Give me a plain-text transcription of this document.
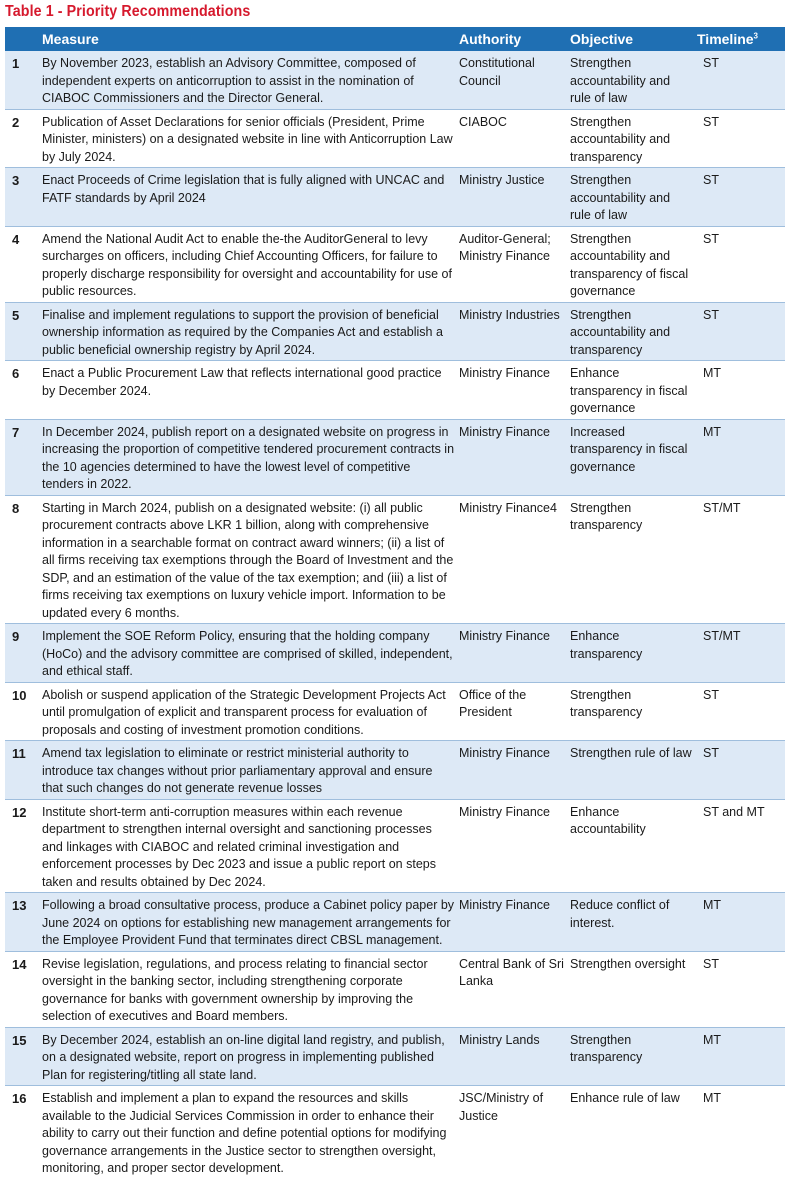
Table 1 - Priority Recommendations
	Measure	Authority	Objective	Timeline$^3$
1	By November 2023, establish an Advisory Committee, composed of independent experts on anticorruption to assist in the nomination of CIABOC Commissioners and the Director General.	Constitutional Council	Strengthen accountability and rule of law	ST
2	Publication of Asset Declarations for senior officials (President, Prime Minister, ministers) on a designated website in line with Anticorruption Law by July 2024.	CIABOC	Strengthen accountability and transparency	ST
3	Enact Proceeds of Crime legislation that is fully aligned with UNCAC and FATF standards by April 2024	Ministry Justice	Strengthen accountability and rule of law	ST
4	Amend the National Audit Act to enable the-the AuditorGeneral to levy surcharges on officers, including Chief Accounting Officers, for failure to properly discharge responsibility for oversight and accountability for use of public resources.	Auditor-General; Ministry Finance	Strengthen accountability and transparency of fiscal governance	ST
5	Finalise and implement regulations to support the provision of beneficial ownership information as required by the Companies Act and establish a public beneficial ownership registry by April 2024.	Ministry Industries	Strengthen accountability and transparency	ST
6	Enact a Public Procurement Law that reflects international good practice by December 2024.	Ministry Finance	Enhance transparency in fiscal governance	MT
7	In December 2024, publish report on a designated website on progress in increasing the proportion of competitive tendered procurement contracts in the 10 agencies determined to have the lowest level of competitive tenders in 2022.	Ministry Finance	Increased transparency in fiscal governance	MT
8	Starting in March 2024, publish on a designated website: (i) all public procurement contracts above LKR 1 billion, along with comprehensive information in a searchable format on contract award winners; (ii) a list of all firms receiving tax exemptions through the Board of Investment and the SDP, and an estimation of the value of the tax exemption; and (iii) a list of firms receiving tax exemptions on luxury vehicle import. Information to be updated every 6 months.	Ministry Finance4	Strengthen transparency	ST/MT
9	Implement the SOE Reform Policy, ensuring that the holding company (HoCo) and the advisory committee are comprised of skilled, independent, and ethical staff.	Ministry Finance	Enhance transparency	ST/MT
10	Abolish or suspend application of the Strategic Development Projects Act until promulgation of explicit and transparent process for evaluation of proposals and costing of investment promotion conditions.	Office of the President	Strengthen transparency	ST
11	Amend tax legislation to eliminate or restrict ministerial authority to introduce tax changes without prior parliamentary approval and ensure that such changes do not generate revenue losses	Ministry Finance	Strengthen rule of law	ST
12	Institute short-term anti-corruption measures within each revenue department to strengthen internal oversight and sanctioning processes and linkages with CIABOC and related criminal investigation and enforcement processes by Dec 2023 and issue a public report on steps taken and results obtained by Dec 2024.	Ministry Finance	Enhance accountability	ST and MT
13	Following a broad consultative process, produce a Cabinet policy paper by June 2024 on options for establishing new management arrangements for the Employee Provident Fund that terminates direct CBSL management.	Ministry Finance	Reduce conflict of interest.	MT
14	Revise legislation, regulations, and process relating to financial sector oversight in the banking sector, including strengthening corporate governance for banks with government ownership by improving the selection of executives and Board members.	Central Bank of Sri Lanka	Strengthen oversight	ST
15	By December 2024, establish an on-line digital land registry, and publish, on a designated website, report on progress in implementing published Plan for registering/titling all state land.	Ministry Lands	Strengthen transparency	MT
16	Establish and implement a plan to expand the resources and skills available to the Judicial Services Commission in order to enhance their ability to carry out their function and define potential options for modifying governance arrangements in the Justice sector to strengthen oversight, monitoring, and proper sector development.	JSC/Ministry of Justice	Enhance rule of law	MT
